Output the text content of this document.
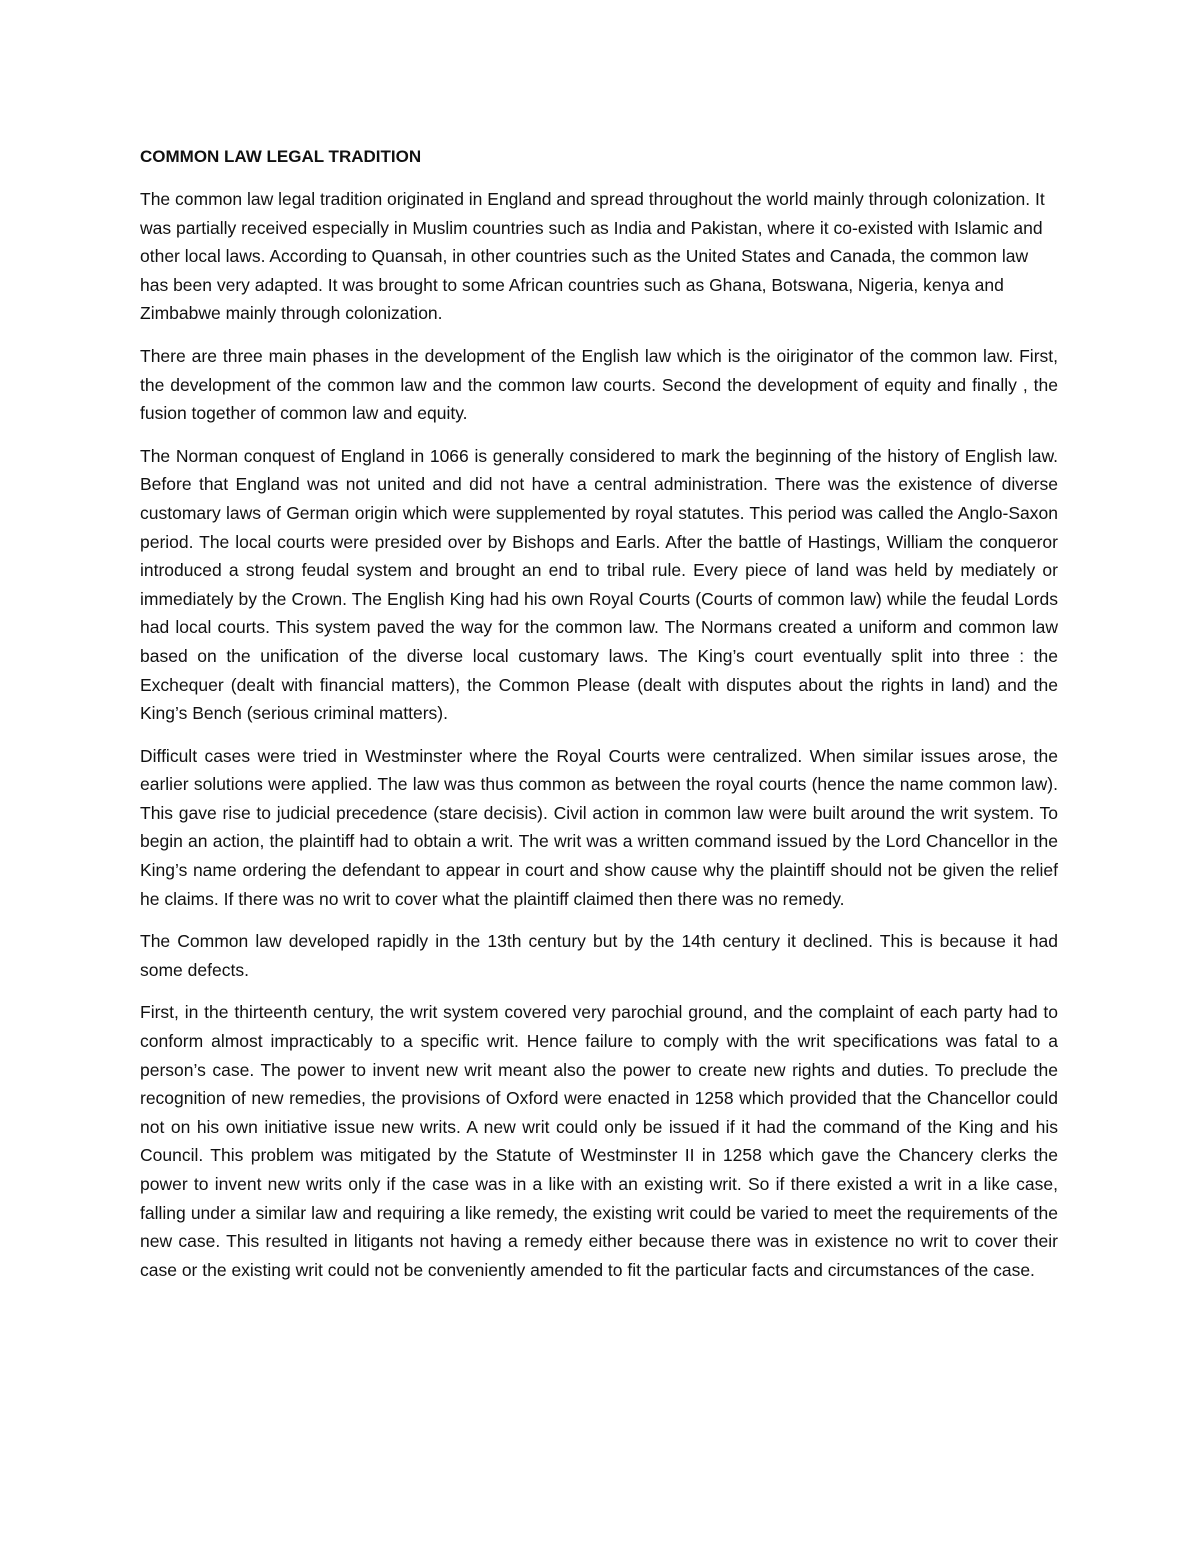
COMMON LAW LEGAL TRADITION

The common law legal tradition originated in England and spread throughout the world mainly through colonization. It was partially received especially in Muslim countries such as India and Pakistan, where it co-existed with Islamic and other local laws. According to Quansah, in other countries such as the United States and Canada, the common law has been very adapted. It was brought to some African countries such as Ghana, Botswana, Nigeria, kenya and Zimbabwe mainly through colonization.

There are three main phases in the development of the English law which is the oiriginator of the common law. First, the development of the common law and the common law courts. Second the development of equity and finally , the fusion together of common law and equity.

The Norman conquest of England in 1066 is generally considered to mark the beginning of the history of English law. Before that England was not united and did not have a central administration. There was the existence of diverse customary laws of German origin which were supplemented by royal statutes. This period was called the Anglo-Saxon period. The local courts were presided over by Bishops and Earls. After the battle of Hastings, William the conqueror introduced a strong feudal system and brought an end to tribal rule. Every piece of land was held by mediately or immediately by the Crown. The English King had his own Royal Courts (Courts of common law) while the feudal Lords had local courts. This system paved the way for the common law. The Normans created a uniform and common law based on the unification of the diverse local customary laws. The King’s court eventually split into three : the Exchequer (dealt with financial matters), the Common Please (dealt with disputes about the rights in land) and the King’s Bench (serious criminal matters).

Difficult cases were tried in Westminster where the Royal Courts were centralized. When similar issues arose, the earlier solutions were applied. The law was thus common as between the royal courts (hence the name common law). This gave rise to judicial precedence (stare decisis). Civil action in common law were built around the writ system. To begin an action, the plaintiff had to obtain a writ. The writ was a written command issued by the Lord Chancellor in the King’s name ordering the defendant to appear in court and show cause why the plaintiff should not be given the relief he claims. If there was no writ to cover what the plaintiff claimed then there was no remedy.

The Common law developed rapidly in the 13th century but by the 14th century it declined. This is because it had some defects.

First, in the thirteenth century, the writ system covered very parochial ground, and the complaint of each party had to conform almost impracticably to a specific writ. Hence failure to comply with the writ specifications was fatal to a person’s case. The power to invent new writ meant also the power to create new rights and duties. To preclude the recognition of new remedies, the provisions of Oxford were enacted in 1258 which provided that the Chancellor could not on his own initiative issue new writs. A new writ could only be issued if it had the command of the King and his Council. This problem was mitigated by the Statute of Westminster II in 1258 which gave the Chancery clerks the power to invent new writs only if the case was in a like with an existing writ. So if there existed a writ in a like case, falling under a similar law and requiring a like remedy, the existing writ could be varied to meet the requirements of the new case. This resulted in litigants not having a remedy either because there was in existence no writ to cover their case or the existing writ could not be conveniently amended to fit the particular facts and circumstances of the case.
